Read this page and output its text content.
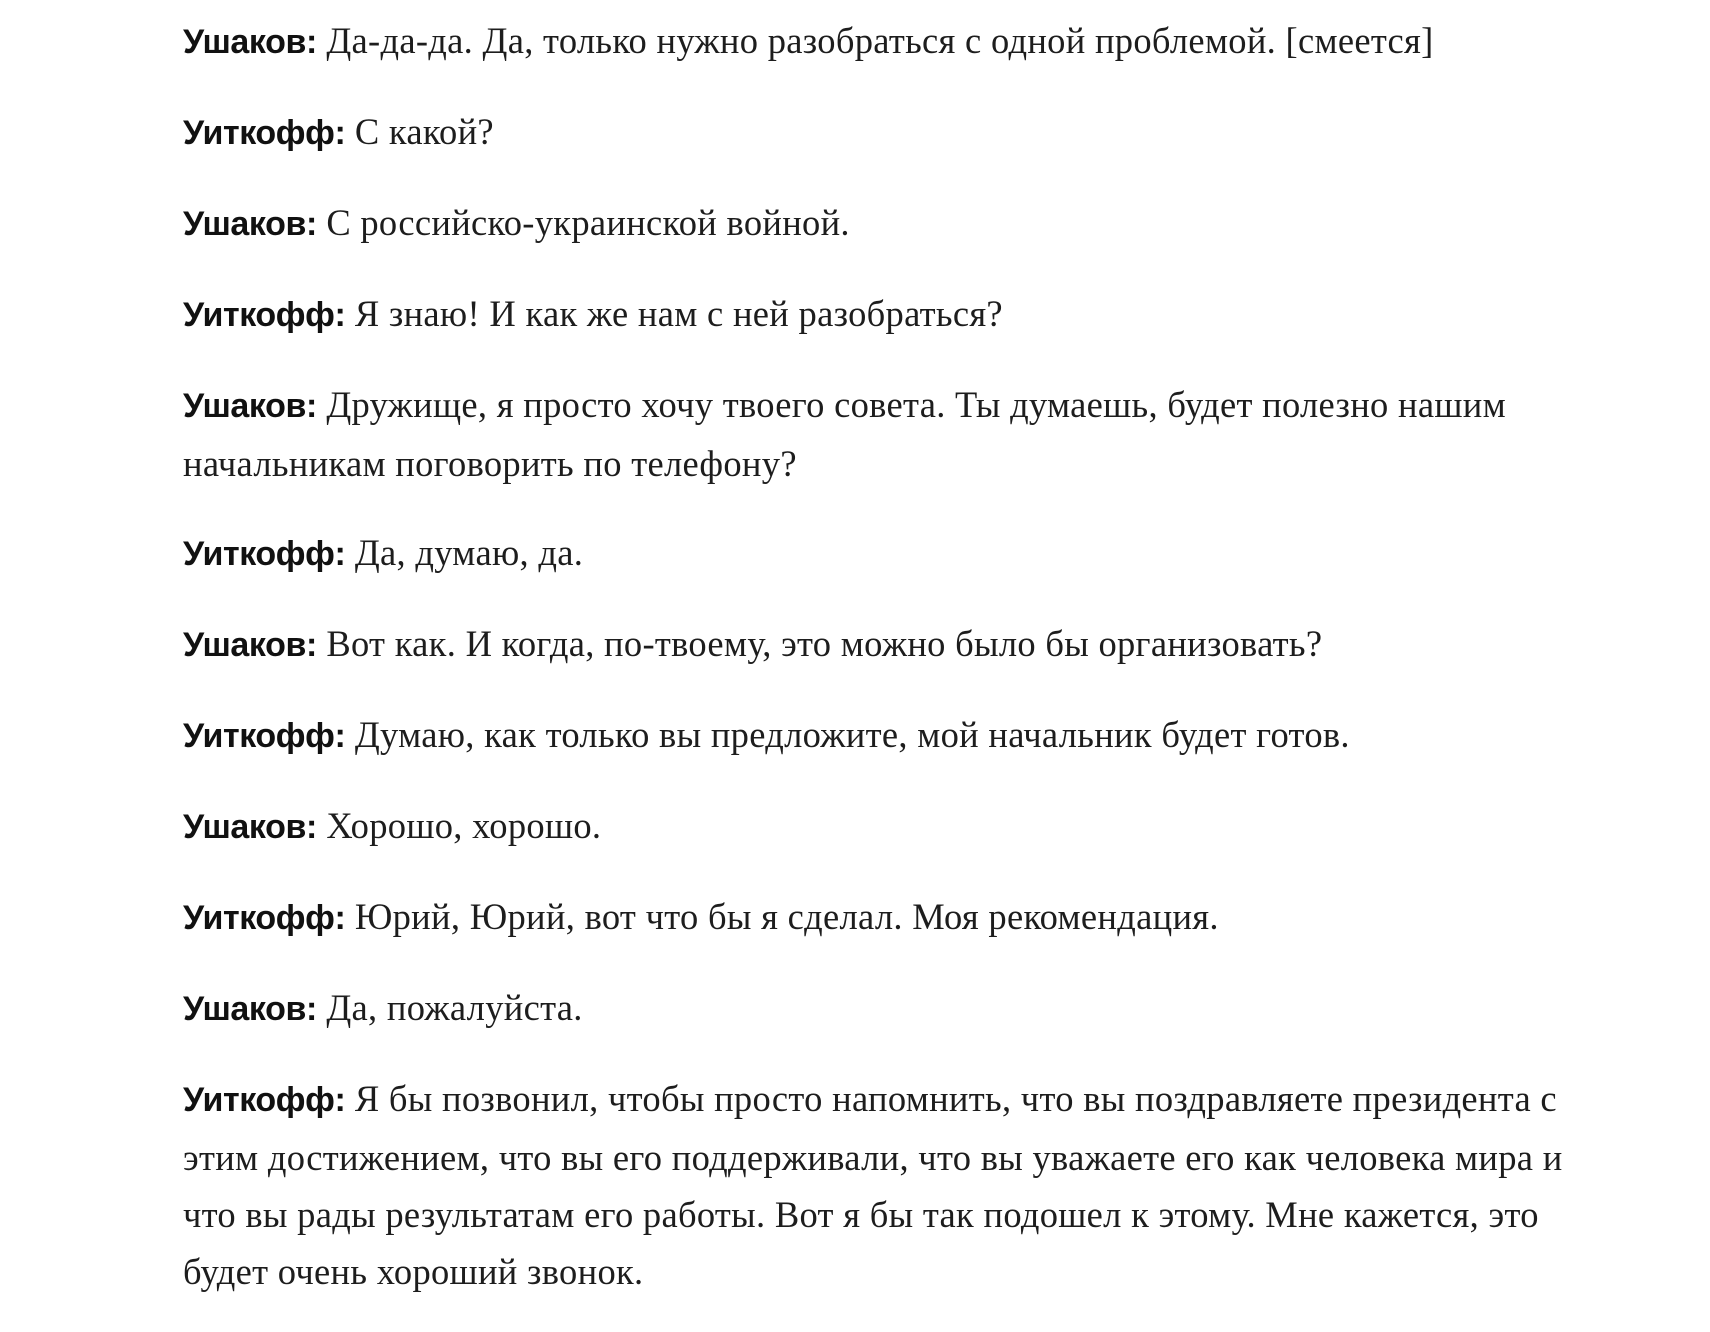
Ушаков: Да-да-да. Да, только нужно разобраться с одной проблемой. [смеется]

Уиткофф: С какой?

Ушаков: С российско-украинской войной.

Уиткофф: Я знаю! И как же нам с ней разобраться?

Ушаков: Дружище, я просто хочу твоего совета. Ты думаешь, будет полезно нашим начальникам поговорить по телефону?

Уиткофф: Да, думаю, да.

Ушаков: Вот как. И когда, по-твоему, это можно было бы организовать?

Уиткофф: Думаю, как только вы предложите, мой начальник будет готов.

Ушаков: Хорошо, хорошо.

Уиткофф: Юрий, Юрий, вот что бы я сделал. Моя рекомендация.

Ушаков: Да, пожалуйста.

Уиткофф: Я бы позвонил, чтобы просто напомнить, что вы поздравляете президента с этим достижением, что вы его поддерживали, что вы уважаете его как человека мира и что вы рады результатам его работы. Вот я бы так подошел к этому. Мне кажется, это будет очень хороший звонок.
